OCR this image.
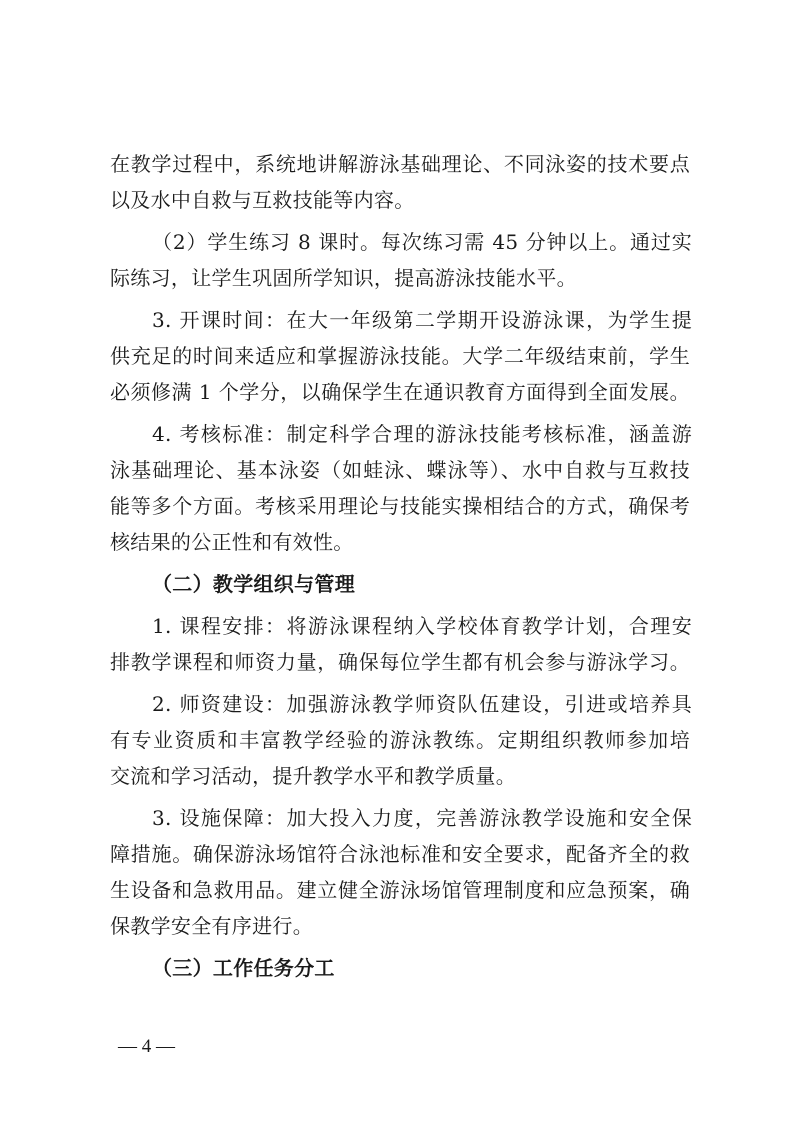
在教学过程中，系统地讲解游泳基础理论、不同泳姿的技术要点
以及水中自救与互救技能等内容。
（2）学生练习 8 课时。每次练习需 45 分钟以上。通过实
际练习，让学生巩固所学知识，提高游泳技能水平。
3. 开课时间：在大一年级第二学期开设游泳课，为学生提
供充足的时间来适应和掌握游泳技能。大学二年级结束前，学生
必须修满 1 个学分，以确保学生在通识教育方面得到全面发展。
4. 考核标准：制定科学合理的游泳技能考核标准，涵盖游
泳基础理论、基本泳姿（如蛙泳、蝶泳等）、水中自救与互救技
能等多个方面。考核采用理论与技能实操相结合的方式，确保考
核结果的公正性和有效性。
（二）教学组织与管理
1. 课程安排：将游泳课程纳入学校体育教学计划，合理安
排教学课程和师资力量，确保每位学生都有机会参与游泳学习。
2. 师资建设：加强游泳教学师资队伍建设，引进或培养具
有专业资质和丰富教学经验的游泳教练。定期组织教师参加培
交流和学习活动，提升教学水平和教学质量。
3. 设施保障：加大投入力度，完善游泳教学设施和安全保
障措施。确保游泳场馆符合泳池标准和安全要求，配备齐全的救
生设备和急救用品。建立健全游泳场馆管理制度和应急预案，确
保教学安全有序进行。
（三）工作任务分工
— 4 —
